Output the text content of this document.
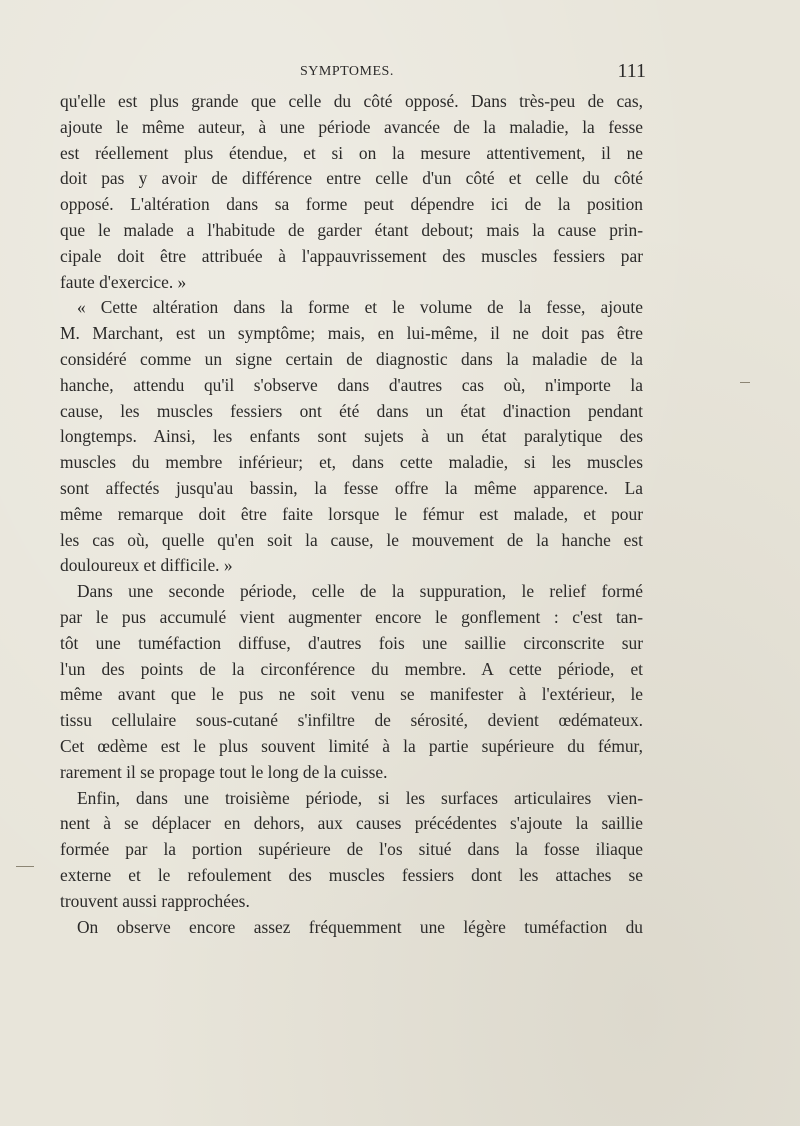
SYMPTOMES.	111
qu'elle est plus grande que celle du côté opposé. Dans très-peu de cas,
ajoute le même auteur, à une période avancée de la maladie, la fesse
est réellement plus étendue, et si on la mesure attentivement, il ne
doit pas y avoir de différence entre celle d'un côté et celle du côté
opposé. L'altération dans sa forme peut dépendre ici de la position
que le malade a l'habitude de garder étant debout; mais la cause prin-
cipale doit être attribuée à l'appauvrissement des muscles fessiers par
faute d'exercice. »
« Cette altération dans la forme et le volume de la fesse, ajoute
M. Marchant, est un symptôme; mais, en lui-même, il ne doit pas être
considéré comme un signe certain de diagnostic dans la maladie de la
hanche, attendu qu'il s'observe dans d'autres cas où, n'importe la
cause, les muscles fessiers ont été dans un état d'inaction pendant
longtemps. Ainsi, les enfants sont sujets à un état paralytique des
muscles du membre inférieur; et, dans cette maladie, si les muscles
sont affectés jusqu'au bassin, la fesse offre la même apparence. La
même remarque doit être faite lorsque le fémur est malade, et pour
les cas où, quelle qu'en soit la cause, le mouvement de la hanche est
douloureux et difficile. »
Dans une seconde période, celle de la suppuration, le relief formé
par le pus accumulé vient augmenter encore le gonflement : c'est tan-
tôt une tuméfaction diffuse, d'autres fois une saillie circonscrite sur
l'un des points de la circonférence du membre. A cette période, et
même avant que le pus ne soit venu se manifester à l'extérieur, le
tissu cellulaire sous-cutané s'infiltre de sérosité, devient œdémateux.
Cet œdème est le plus souvent limité à la partie supérieure du fémur,
rarement il se propage tout le long de la cuisse.
Enfin, dans une troisième période, si les surfaces articulaires vien-
nent à se déplacer en dehors, aux causes précédentes s'ajoute la saillie
formée par la portion supérieure de l'os situé dans la fosse iliaque
externe et le refoulement des muscles fessiers dont les attaches se
trouvent aussi rapprochées.
On observe encore assez fréquemment une légère tuméfaction du
